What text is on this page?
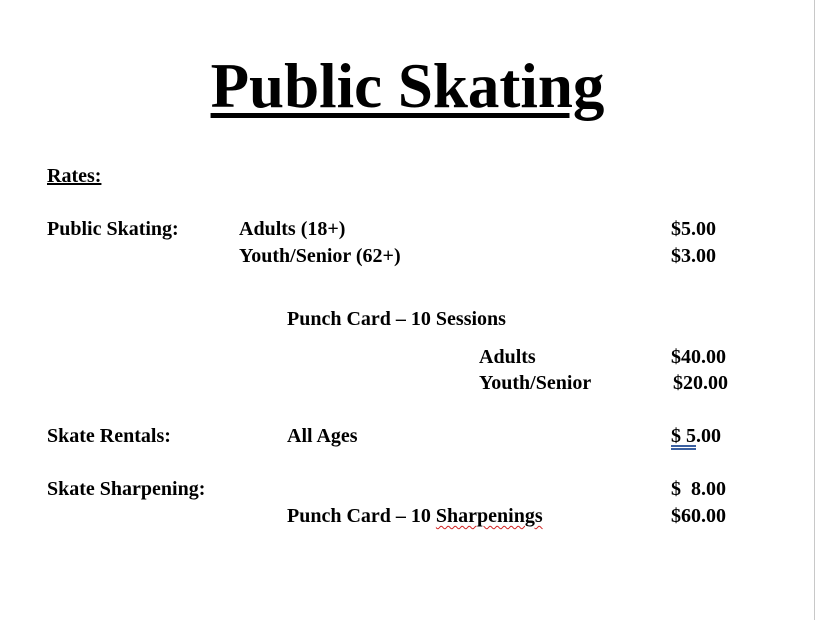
Public Skating
Rates:
Public Skating:	Adults (18+)	$5.00
Youth/Senior (62+)	$3.00
Punch Card – 10 Sessions
Adults	$40.00
Youth/Senior	$20.00
Skate Rentals:	All Ages	$ 5.00
Skate Sharpening:	$  8.00
Punch Card – 10 Sharpenings	$60.00
